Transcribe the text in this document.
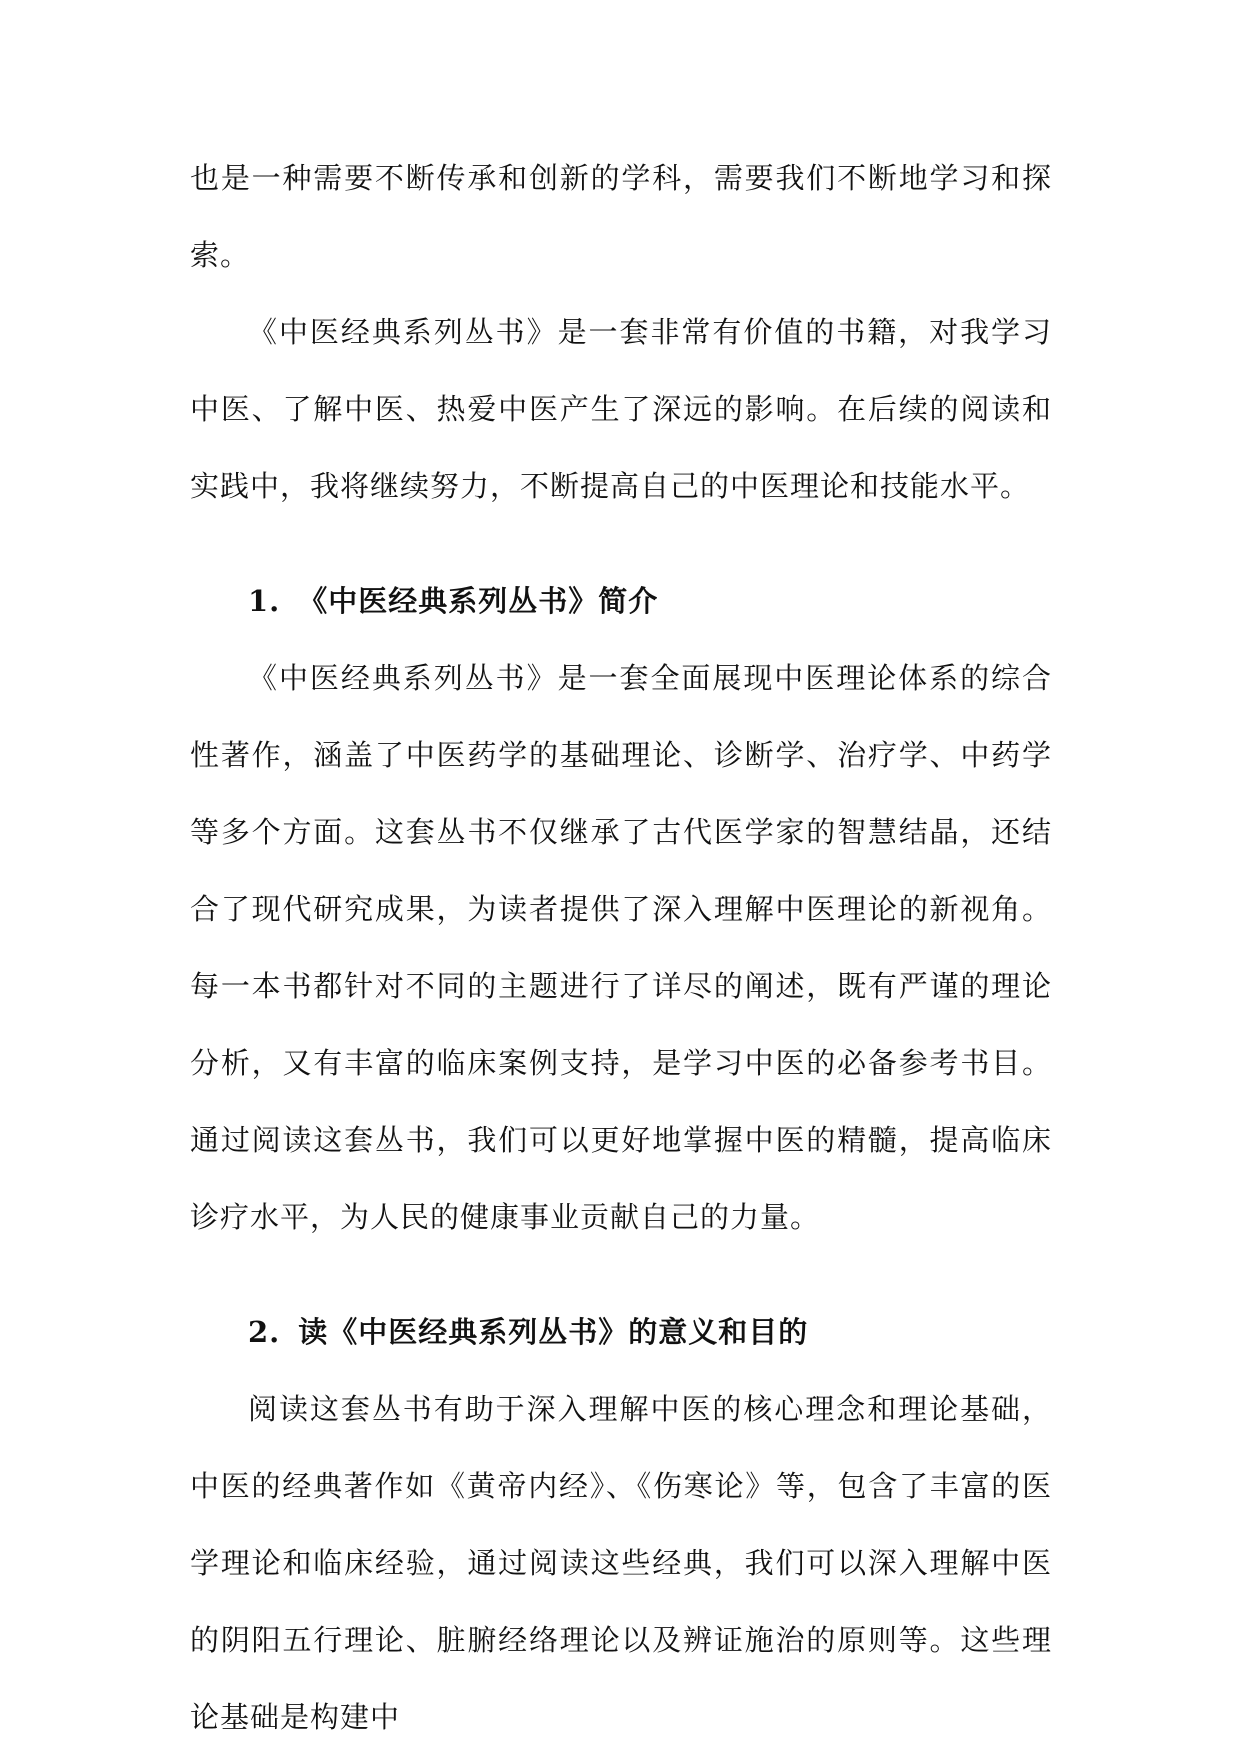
也是一种需要不断传承和创新的学科，需要我们不断地学习和探索。

《中医经典系列丛书》是一套非常有价值的书籍，对我学习中医、了解中医、热爱中医产生了深远的影响。在后续的阅读和实践中，我将继续努力，不断提高自己的中医理论和技能水平。

1. 《中医经典系列丛书》简介

《中医经典系列丛书》是一套全面展现中医理论体系的综合性著作，涵盖了中医药学的基础理论、诊断学、治疗学、中药学等多个方面。这套丛书不仅继承了古代医学家的智慧结晶，还结合了现代研究成果，为读者提供了深入理解中医理论的新视角。每一本书都针对不同的主题进行了详尽的阐述，既有严谨的理论分析，又有丰富的临床案例支持，是学习中医的必备参考书目。通过阅读这套丛书，我们可以更好地掌握中医的精髓，提高临床诊疗水平，为人民的健康事业贡献自己的力量。

2. 读《中医经典系列丛书》的意义和目的

阅读这套丛书有助于深入理解中医的核心理念和理论基础，中医的经典著作如《黄帝内经》、《伤寒论》等，包含了丰富的医学理论和临床经验，通过阅读这些经典，我们可以深入理解中医的阴阳五行理论、脏腑经络理论以及辨证施治的原则等。这些理论基础是构建中
